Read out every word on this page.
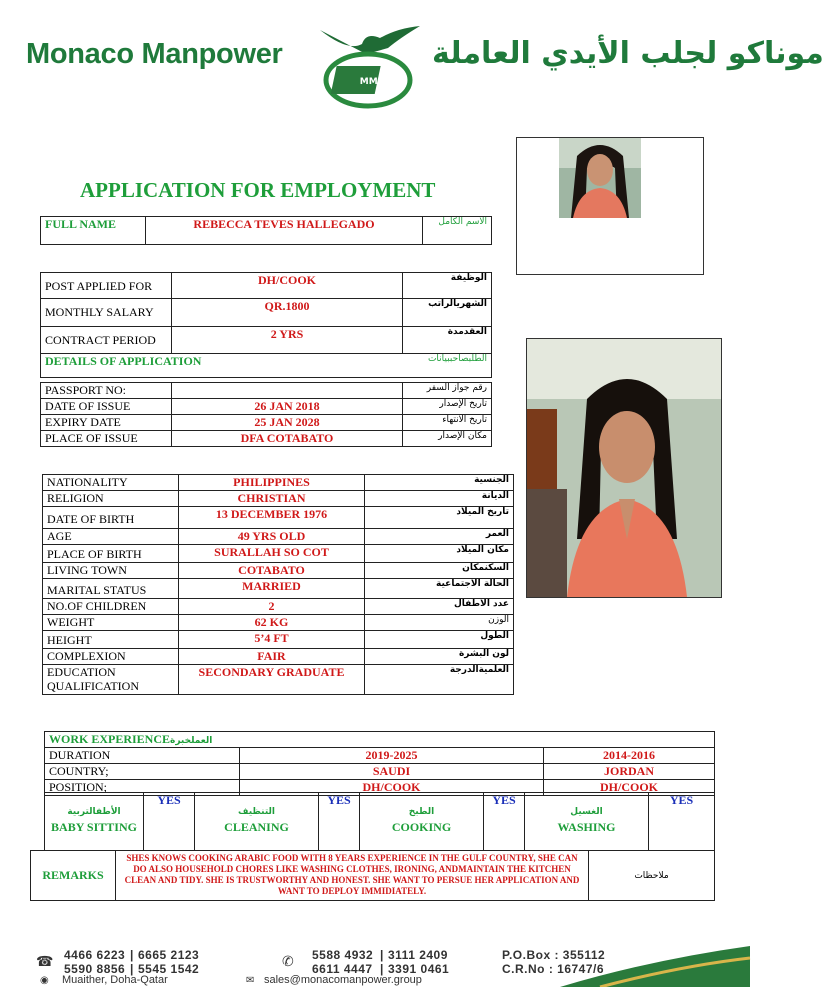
Monaco Manpower
MMP
موناكو لجلب الأيدي العاملة
APPLICATION FOR EMPLOYMENT
FULL NAME	REBECCA TEVES HALLEGADO	الاسم الكامل
POST APPLIED FOR	DH/COOK	الوظيفة
MONTHLY SALARY	QR.1800	الشهريالراتب
CONTRACT PERIOD	2 YRS	العقدمدة
DETAILS OF APPLICATION		الطلبصاحببيانات
PASSPORT NO:		رقم جواز السفر
DATE OF ISSUE	26 JAN 2018	تاريخ الإصدار
EXPIRY DATE	25 JAN 2028	تاريخ الانتهاء
PLACE OF ISSUE	DFA COTABATO	مكان الإصدار
NATIONALITY	PHILIPPINES	الجنسية
RELIGION	CHRISTIAN	الديانة
DATE OF BIRTH	13 DECEMBER 1976	تاريخ الميلاد
AGE	49 YRS OLD	العمر
PLACE OF BIRTH	SURALLAH SO COT	مكان الميلاد
LIVING TOWN	COTABATO	السكنمكان
MARITAL STATUS	MARRIED	الحالة الاجتماعية
NO.OF CHILDREN	2	عدد الاطفال
WEIGHT	62 KG	الوزن
HEIGHT	5’4 FT	الطول
COMPLEXION	FAIR	لون البشرة
EDUCATION QUALIFICATION	SECONDARY GRADUATE	العلميةالدرجة
WORK EXPERIENCEالعملخبرة		
DURATION	2019-2025	2014-2016
COUNTRY;	SAUDI	JORDAN
POSITION;	DH/COOK	DH/COOK
الأطفالتربية
BABY SITTING
	YES	
التنظيف
CLEANING
	YES	
الطبخ
COOKING
	YES	
الغسيل
WASHING
	YES
REMARKS	SHES KNOWS COOKING ARABIC FOOD WITH 8 YEARS EXPERIENCE IN THE GULF COUNTRY, SHE CAN DO ALSO HOUSEHOLD CHORES LIKE WASHING CLOTHES, IRONING, ANDMAINTAIN THE KITCHEN CLEAN AND TIDY. SHE IS TRUSTWORTHY AND HONEST. SHE WANT TO PERSUE HER APPLICATION AND WANT TO DEPLOY IMMIDIATELY.	ملاحظات
☎ 4466 6223 | 6665 2123
5590 8856 | 5545 1542	✆ 5588 4932 | 3111 2409
6611 4447 | 3391 0461
P.O.Box : 355112
C.R.No : 16747/6
◉ Muaither, Doha-Qatar	✉ sales@monacomanpower.group
